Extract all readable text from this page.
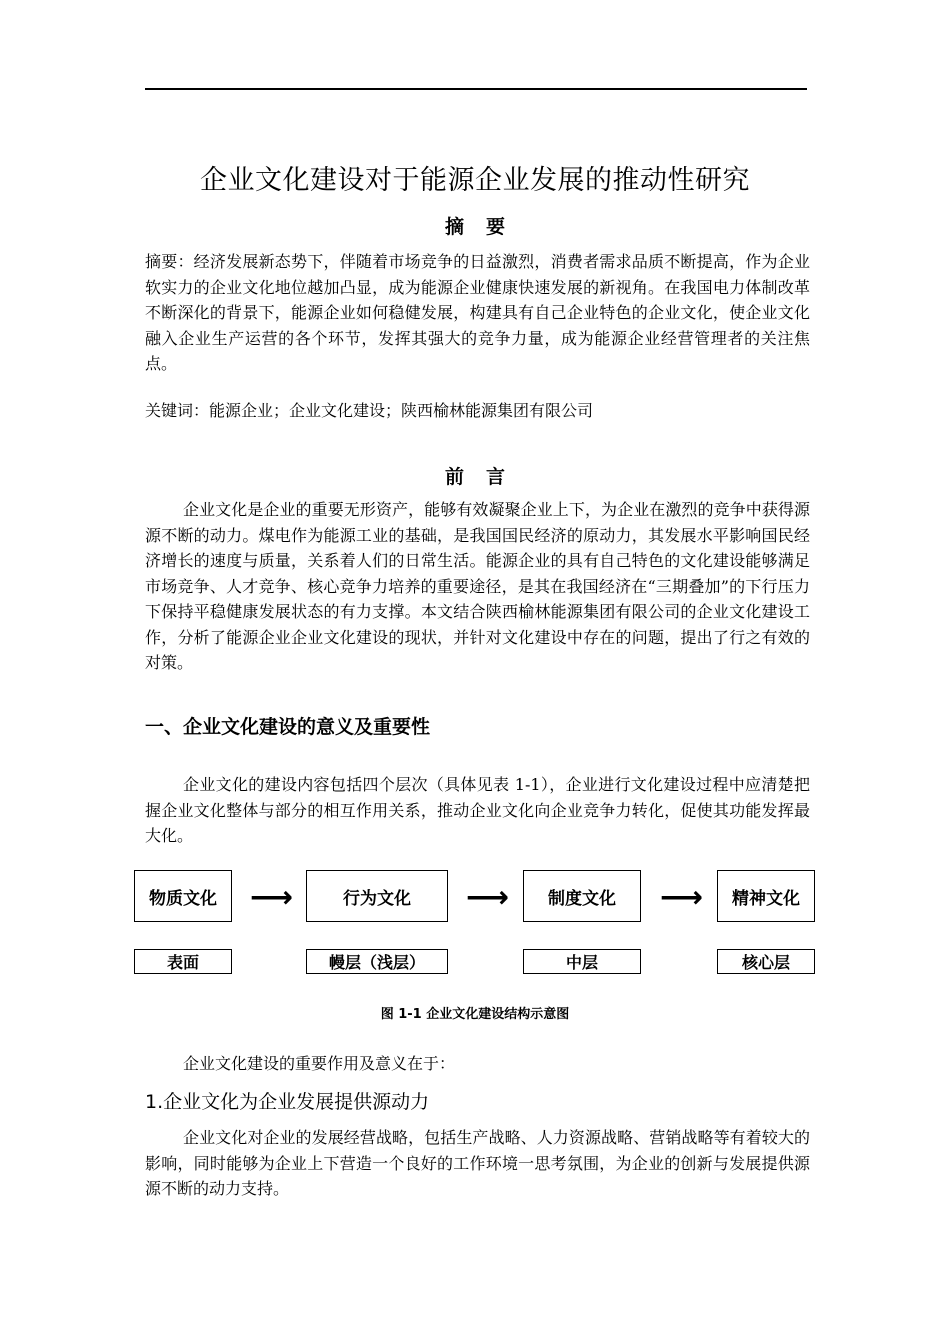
企业文化建设对于能源企业发展的推动性研究
摘要

摘要：经济发展新态势下，伴随着市场竞争的日益激烈，消费者需求品质不断提高，作为企业软实力的企业文化地位越加凸显，成为能源企业健康快速发展的新视角。在我国电力体制改革不断深化的背景下，能源企业如何稳健发展，构建具有自己企业特色的企业文化，使企业文化融入企业生产运营的各个环节，发挥其强大的竞争力量，成为能源企业经营管理者的关注焦点。

关键词：能源企业；企业文化建设；陕西榆林能源集团有限公司

前言

企业文化是企业的重要无形资产，能够有效凝聚企业上下，为企业在激烈的竞争中获得源源不断的动力。煤电作为能源工业的基础，是我国国民经济的原动力，其发展水平影响国民经济增长的速度与质量，关系着人们的日常生活。能源企业的具有自己特色的文化建设能够满足市场竞争、人才竞争、核心竞争力培养的重要途径，是其在我国经济在“三期叠加”的下行压力下保持平稳健康发展状态的有力支撑。本文结合陕西榆林能源集团有限公司的企业文化建设工作，分析了能源企业企业文化建设的现状，并针对文化建设中存在的问题，提出了行之有效的对策。

一、企业文化建设的意义及重要性

企业文化的建设内容包括四个层次（具体见表 1-1），企业进行文化建设过程中应清楚把握企业文化整体与部分的相互作用关系，推动企业文化向企业竞争力转化，促使其功能发挥最大化。

物质文化	⟶	行为文化	⟶	制度文化	⟶	精神文化
表面	幔层（浅层）	中层	核心层
图 1-1 企业文化建设结构示意图

企业文化建设的重要作用及意义在于：

1.企业文化为企业发展提供源动力

企业文化对企业的发展经营战略，包括生产战略、人力资源战略、营销战略等有着较大的影响，同时能够为企业上下营造一个良好的工作环境一思考氛围，为企业的创新与发展提供源源不断的动力支持。
